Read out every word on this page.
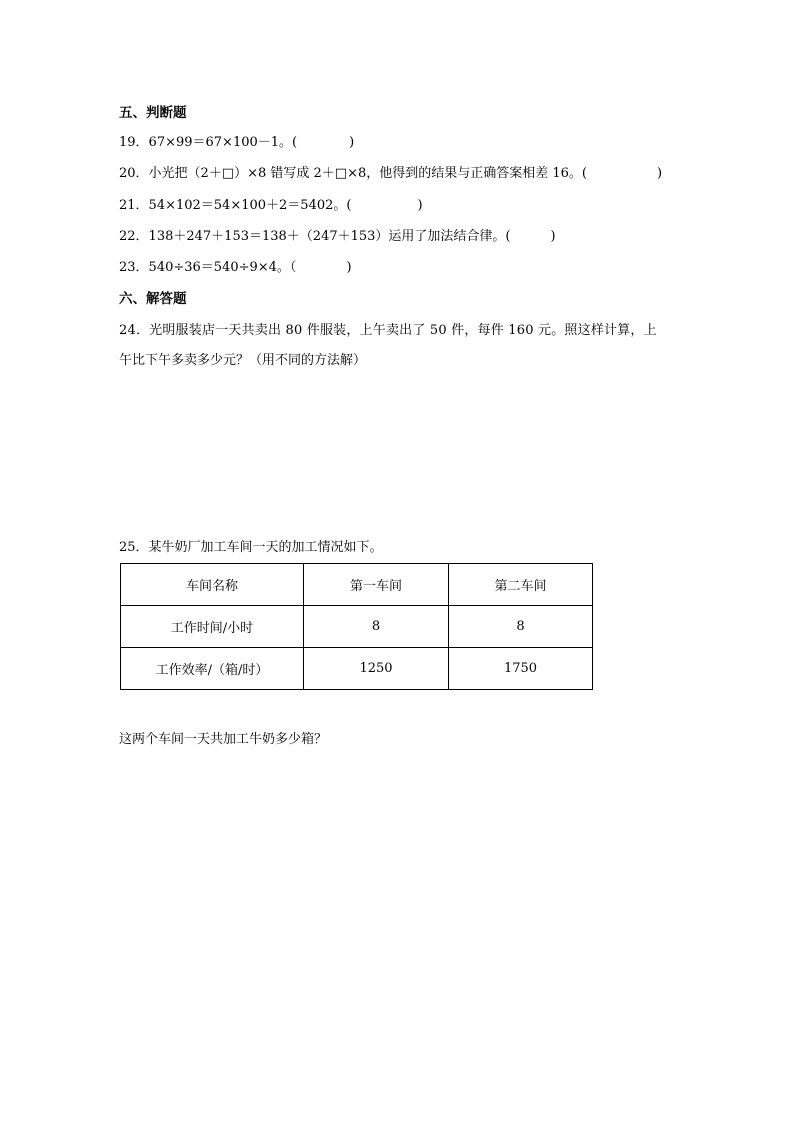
五、判断题
19．67×99＝67×100－1。(	)
20．小光把（2＋□）×8 错写成 2＋□×8，他得到的结果与正确答案相差 16。(	)
21．54×102＝54×100＋2＝5402。(	)
22．138＋247＋153＝138＋（247＋153）运用了加法结合律。(	)
23．540÷36＝540÷9×4。（	)
六、解答题
24．光明服装店一天共卖出 80 件服装，上午卖出了 50 件，每件 160 元。照这样计算，上
午比下午多卖多少元？（用不同的方法解）
25．某牛奶厂加工车间一天的加工情况如下。
车间名称	第一车间	第二车间
工作时间/小时	8	8
工作效率/（箱/时）	1250	1750
这两个车间一天共加工牛奶多少箱？
